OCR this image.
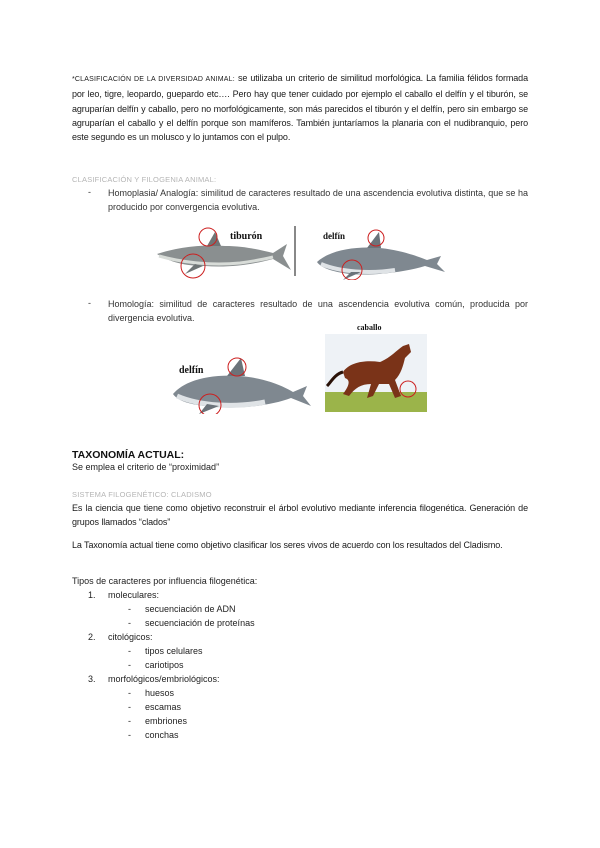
*CLASIFICACIÓN DE LA DIVERSIDAD ANIMAL: se utilizaba un criterio de similitud morfológica. La familia félidos formada por leo, tigre, leopardo, guepardo etc…. Pero hay que tener cuidado por ejemplo el caballo el delfín y el tiburón, se agruparían delfín y caballo, pero no morfológicamente, son más parecidos el tiburón y el delfín, pero sin embargo se agruparían el caballo y el delfín porque son mamíferos. También juntaríamos la planaria con el nudibranquio, pero este segundo es un molusco y lo juntamos con el pulpo.
CLASIFICACIÓN Y FILOGENIA ANIMAL:
- Homoplasia/ Analogía: similitud de caracteres resultado de una ascendencia evolutiva distinta, que se ha producido por convergencia evolutiva.
tiburón	delfín
- Homología: similitud de caracteres resultado de una ascendencia evolutiva común, producida por divergencia evolutiva.
delfín
caballo
TAXONOMÍA ACTUAL:
Se emplea el criterio de “proximidad”
SISTEMA FILOGENÉTICO: CLADISMO
Es la ciencia que tiene como objetivo reconstruir el árbol evolutivo mediante inferencia filogenética. Generación de grupos llamados “clados”
La Taxonomía actual tiene como objetivo clasificar los seres vivos de acuerdo con los resultados del Cladismo.
Tipos de caracteres por influencia filogenética:
1. moleculares:
- secuenciación de ADN
- secuenciación de proteínas
2. citológicos:
- tipos celulares
- cariotipos
3. morfológicos/embriológicos:
- huesos
- escamas
- embriones
- conchas
